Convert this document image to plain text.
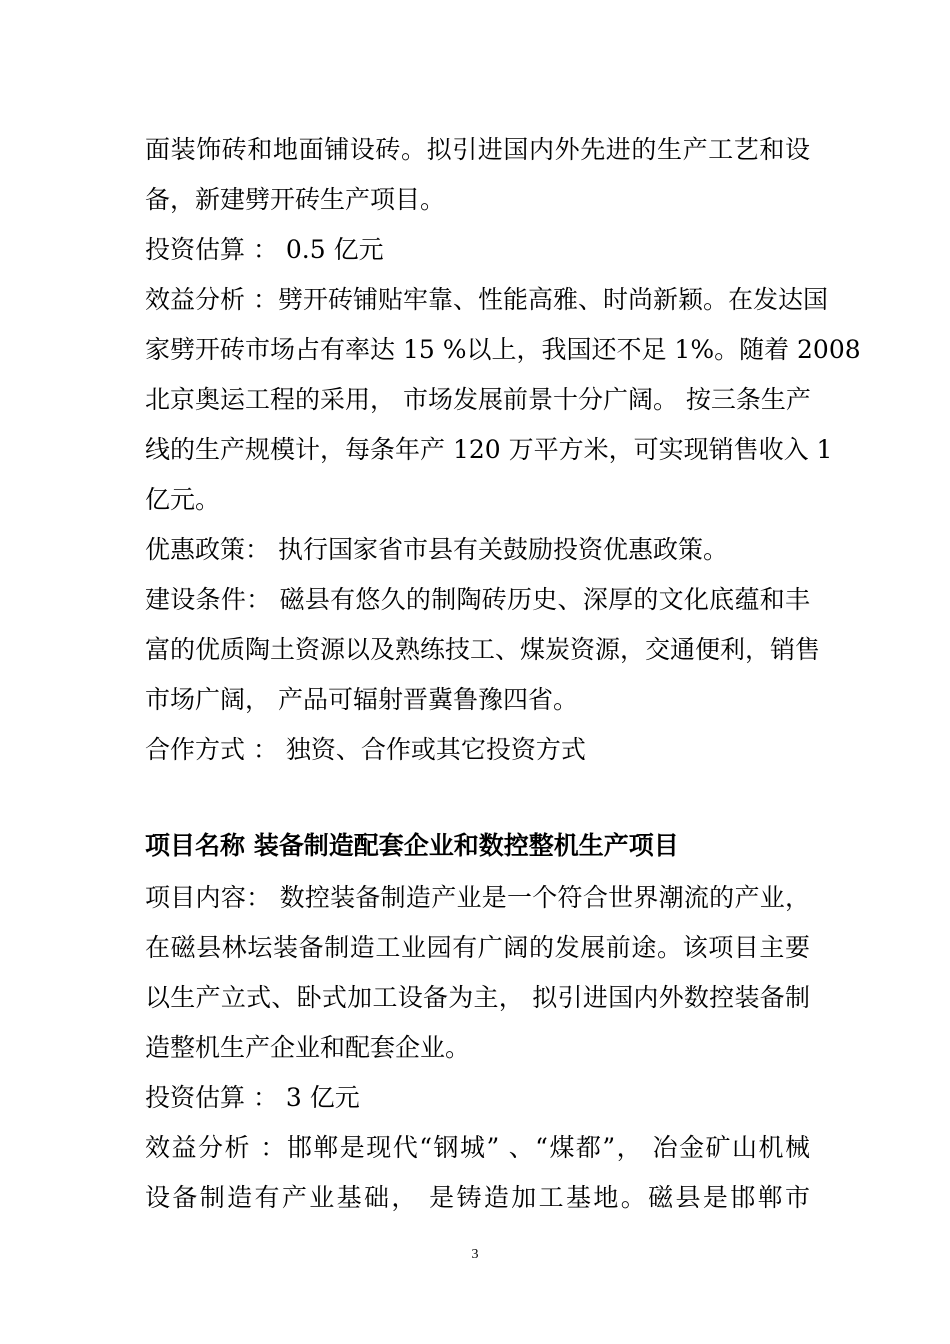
面装饰砖和地面铺设砖。拟引进国内外先进的生产工艺和设
备，新建劈开砖生产项目。
投资估算 ： 0.5 亿元
效益分析 ：劈开砖铺贴牢靠、性能高雅、时尚新颖。在发达国
家劈开砖市场占有率达 15 %以上，我国还不足 1%。随着 2008
北京奥运工程的采用， 市场发展前景十分广阔。 按三条生产
线的生产规模计，每条年产 120 万平方米，可实现销售收入 1
亿元。
优惠政策： 执行国家省市县有关鼓励投资优惠政策。
建设条件： 磁县有悠久的制陶砖历史、深厚的文化底蕴和丰
富的优质陶土资源以及熟练技工、煤炭资源，交通便利，销售
市场广阔， 产品可辐射晋冀鲁豫四省。
合作方式 ： 独资、合作或其它投资方式
项目名称 装备制造配套企业和数控整机生产项目
项目内容： 数控装备制造产业是一个符合世界潮流的产业，
在磁县林坛装备制造工业园有广阔的发展前途。该项目主要
以生产立式、卧式加工设备为主， 拟引进国内外数控装备制
造整机生产企业和配套企业。
投资估算 ： 3 亿元
效益分析 ：邯郸是现代“钢城” 、“煤都”， 冶金矿山机械
设备制造有产业基础， 是铸造加工基地。磁县是邯郸市
3
